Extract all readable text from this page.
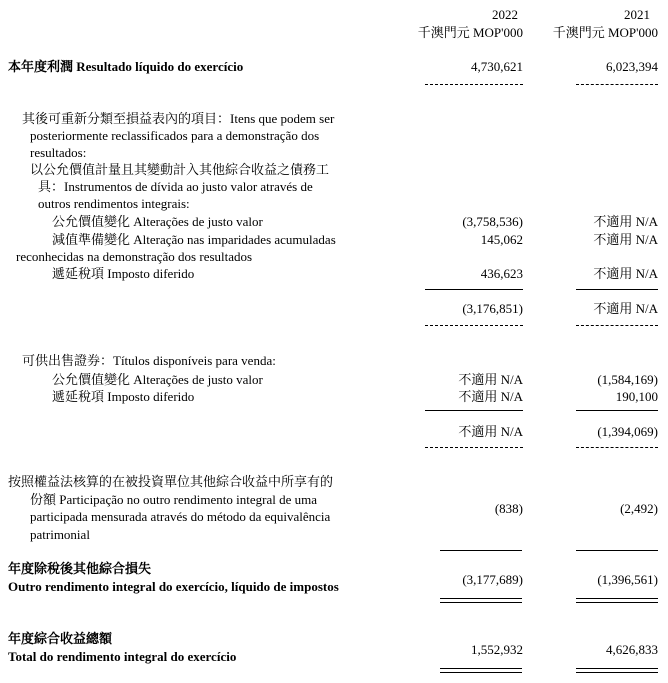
2022	2021
千澳門元 MOP'000 千澳門元 MOP'000
本年度利潤 Resultado líquido do exercício	4,730,621	6,023,394
其後可重新分類至損益表內的項目：Itens que podem ser
posteriormente reclassificados para a demonstração dos
resultados:
以公允價值計量且其變動計入其他綜合收益之債務工
具：Instrumentos de dívida ao justo valor através de
outros rendimentos integrais:
公允價值變化 Alterações de justo valor	(3,758,536)	不適用 N/A
減值準備變化 Alteração nas imparidades acumuladas
reconhecidas na demonstração dos resultados
145,062	不適用 N/A
遞延稅項 Imposto diferido	436,623	不適用 N/A
(3,176,851)	不適用 N/A
可供出售證券：Títulos disponíveis para venda:
公允價值變化 Alterações de justo valor	不適用 N/A	(1,584,169)
遞延稅項 Imposto diferido	不適用 N/A	190,100
不適用 N/A	(1,394,069)
按照權益法核算的在被投資單位其他綜合收益中所享有的
份額 Participação no outro rendimento integral de uma
participada mensurada através do método da equivalência
patrimonial
(838)	(2,492)
年度除稅後其他綜合損失
Outro rendimento integral do exercício, líquido de impostos	(3,177,689)	(1,396,561)
年度綜合收益總額
Total do rendimento integral do exercício	1,552,932	4,626,833
